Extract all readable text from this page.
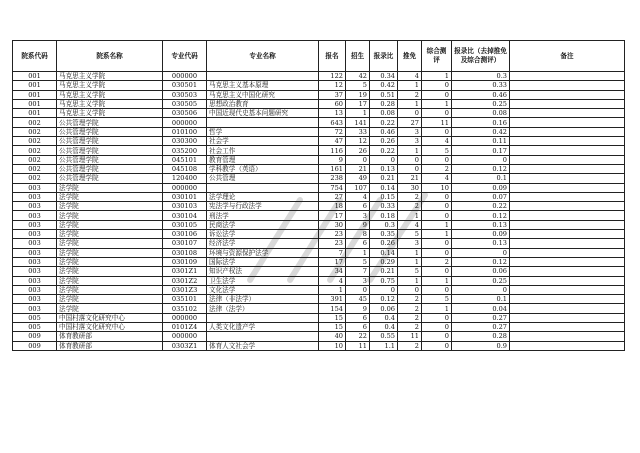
院系代码	院系名称	专业代码	专业名称	报名	招生	报录比	推免	综合测评	报录比（去掉推免及综合测评）	备注
001	马克思主义学院	000000		122	42	0.34	4	1	0.3	
001	马克思主义学院	030501	马克思主义基本原理	12	5	0.42	1	0	0.33	
001	马克思主义学院	030503	马克思主义中国化研究	37	19	0.51	2	0	0.46	
001	马克思主义学院	030505	思想政治教育	60	17	0.28	1	1	0.25	
001	马克思主义学院	030506	中国近现代史基本问题研究	13	1	0.08	0	0	0.08	
002	公共管理学院	000000		643	141	0.22	27	11	0.16	
002	公共管理学院	010100	哲学	72	33	0.46	3	0	0.42	
002	公共管理学院	030300	社会学	47	12	0.26	3	4	0.11	
002	公共管理学院	035200	社会工作	116	26	0.22	1	5	0.17	
002	公共管理学院	045101	教育管理	9	0	0	0	0	0	
002	公共管理学院	045108	学科教学（英语）	161	21	0.13	0	2	0.12	
002	公共管理学院	120400	公共管理	238	49	0.21	21	4	0.1	
003	法学院	000000		754	107	0.14	30	10	0.09	
003	法学院	030101	法学理论	27	4	0.15	2	0	0.07	
003	法学院	030103	宪法学与行政法学	18	6	0.33	2	0	0.22	
003	法学院	030104	刑法学	17	3	0.18	1	0	0.12	
003	法学院	030105	民商法学	30	9	0.3	4	1	0.13	
003	法学院	030106	诉讼法学	23	8	0.35	5	1	0.09	
003	法学院	030107	经济法学	23	6	0.26	3	0	0.13	
003	法学院	030108	环境与资源保护法学	7	1	0.14	1	0	0	
003	法学院	030109	国际法学	17	5	0.29	1	2	0.12	
003	法学院	0301Z1	知识产权法	34	7	0.21	5	0	0.06	
003	法学院	0301Z2	卫生法学	4	3	0.75	1	1	0.25	
003	法学院	0301Z3	文化法学	1	0	0	0	0	0	
003	法学院	035101	法律（非法学）	391	45	0.12	2	5	0.1	
003	法学院	035102	法律（法学）	154	9	0.06	2	1	0.04	
005	中国村落文化研究中心	000000		15	6	0.4	2	0	0.27	
005	中国村落文化研究中心	0101Z4	人类文化遗产学	15	6	0.4	2	0	0.27	
009	体育教研部	000000		40	22	0.55	11	0	0.28	
009	体育教研部	0303Z1	体育人文社会学	10	11	1.1	2	0	0.9	
